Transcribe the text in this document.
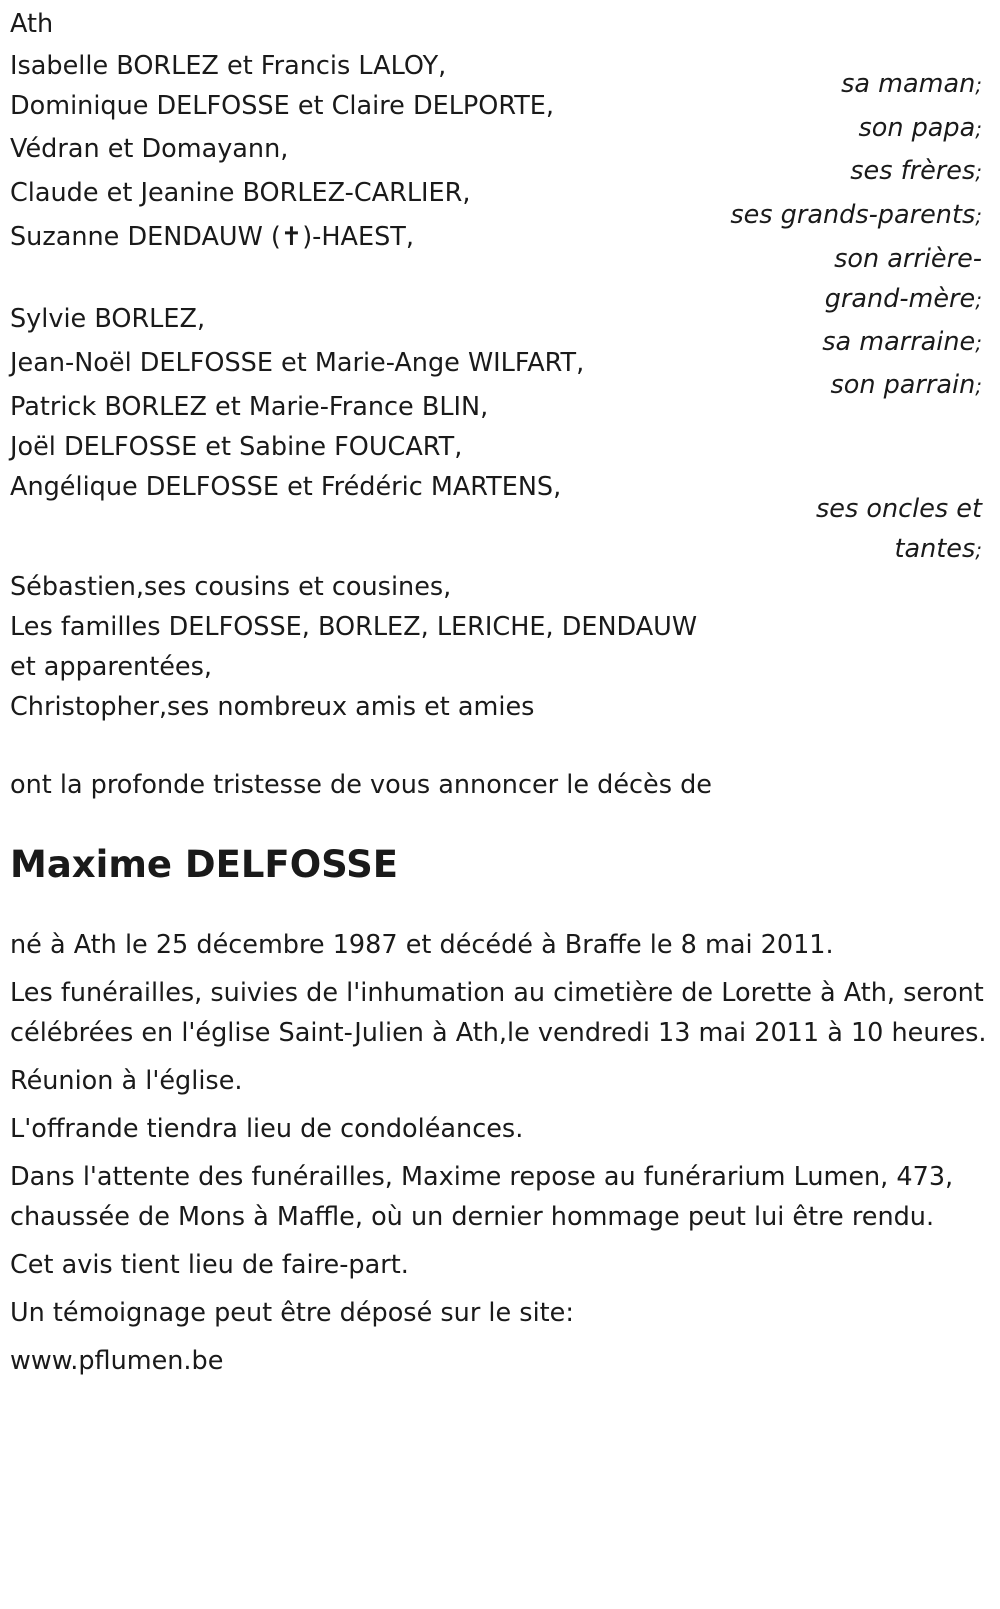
Ath
Isabelle BORLEZ et Francis LALOY,
sa maman;
Dominique DELFOSSE et Claire DELPORTE,
son papa;
Védran et Domayann,
ses frères;
Claude et Jeanine BORLEZ-CARLIER,
ses grands-parents;
Suzanne DENDAUW (✝)-HAEST,
son arrière-
grand-mère;
Sylvie BORLEZ,
sa marraine;
Jean-Noël DELFOSSE et Marie-Ange WILFART,
son parrain;
Patrick BORLEZ et Marie-France BLIN,
Joël DELFOSSE et Sabine FOUCART,
Angélique DELFOSSE et Frédéric MARTENS,
ses oncles et
tantes;
Sébastien,ses cousins et cousines,
Les familles DELFOSSE, BORLEZ, LERICHE, DENDAUW
et apparentées,
Christopher,ses nombreux amis et amies
ont la profonde tristesse de vous annoncer le décès de
Maxime DELFOSSE
né à Ath le 25 décembre 1987 et décédé à Braffe le 8 mai 2011.
Les funérailles, suivies de l'inhumation au cimetière de Lorette à Ath, seront célébrées en l'église Saint-Julien à Ath,le vendredi 13 mai 2011 à 10 heures.
Réunion à l'église.
L'offrande tiendra lieu de condoléances.
Dans l'attente des funérailles, Maxime repose au funérarium Lumen, 473, chaussée de Mons à Maffle, où un dernier hommage peut lui être rendu.
Cet avis tient lieu de faire-part.
Un témoignage peut être déposé sur le site:
www.pflumen.be
